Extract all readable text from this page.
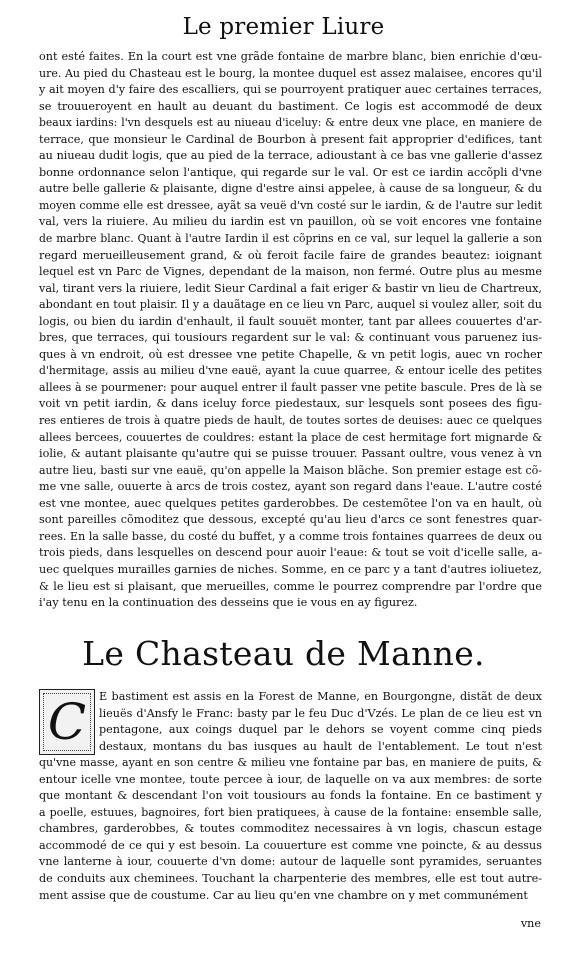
Le premier Liure
ont esté faites. En la court est vne grãde fontaine de marbre blanc, bien enrichie d'œu-
ure. Au pied du Chasteau est le bourg, la montee duquel est assez malaisee, encores qu'il
y ait moyen d'y faire des escalliers, qui se pourroyent pratiquer auec certaines terraces,
se trouueroyent en hault au deuant du bastiment. Ce logis est accommodé de deux
beaux iardins: l'vn desquels est au niueau d'iceluy: & entre deux vne place, en maniere de
terrace, que monsieur le Cardinal de Bourbon à present fait approprier d'edifices, tant
au niueau dudit logis, que au pied de la terrace, adioustant à ce bas vne gallerie d'assez
bonne ordonnance selon l'antique, qui regarde sur le val. Or est ce iardin accõpli d'vne
autre belle gallerie & plaisante, digne d'estre ainsi appelee, à cause de sa longueur, & du
moyen comme elle est dressee, ayãt sa veuë d'vn costé sur le iardin, & de l'autre sur ledit
val, vers la riuiere. Au milieu du iardin est vn pauillon, où se voit encores vne fontaine
de marbre blanc. Quant à l'autre Iardin il est cõprins en ce val, sur lequel la gallerie a son
regard merueilleusement grand, & où feroit facile faire de grandes beautez: ioignant
lequel est vn Parc de Vignes, dependant de la maison, non fermé. Outre plus au mesme
val, tirant vers la riuiere, ledit Sieur Cardinal a fait eriger & bastir vn lieu de Chartreux,
abondant en tout plaisir. Il y a dauãtage en ce lieu vn Parc, auquel si voulez aller, soit du
logis, ou bien du iardin d'enhault, il fault souuët monter, tant par allees couuertes d'ar-
bres, que terraces, qui tousiours regardent sur le val: & continuant vous paruenez ius-
ques à vn endroit, où est dressee vne petite Chapelle, & vn petit logis, auec vn rocher
d'hermitage, assis au milieu d'vne eauë, ayant la cuue quarree, & entour icelle des petites
allees à se pourmener: pour auquel entrer il fault passer vne petite bascule. Pres de là se
voit vn petit iardin, & dans iceluy force piedestaux, sur lesquels sont posees des figu-
res entieres de trois à quatre pieds de hault, de toutes sortes de deuises: auec ce quelques
allees bercees, couuertes de couldres: estant la place de cest hermitage fort mignarde &
iolie, & autant plaisante qu'autre qui se puisse trouuer. Passant oultre, vous venez à vn
autre lieu, basti sur vne eauë, qu'on appelle la Maison blãche. Son premier estage est cõ-
me vne salle, ouuerte à arcs de trois costez, ayant son regard dans l'eaue. L'autre costé
est vne montee, auec quelques petites garderobbes. De cestemõtee l'on va en hault, où
sont pareilles cõmoditez que dessous, excepté qu'au lieu d'arcs ce sont fenestres quar-
rees. En la salle basse, du costé du buffet, y a comme trois fontaines quarrees de deux ou
trois pieds, dans lesquelles on descend pour auoir l'eaue: & tout se voit d'icelle salle, a-
uec quelques murailles garnies de niches. Somme, en ce parc y a tant d'autres ioliuetez,
& le lieu est si plaisant, que merueilles, comme le pourrez comprendre par l'ordre que
i'ay tenu en la continuation des desseins que ie vous en ay figurez.
Le Chasteau de Manne.
C E bastiment est assis en la Forest de Manne, en Bourgongne, distãt de deux
lieuës d'Ansfy le Franc: basty par le feu Duc d'Vzés. Le plan de ce lieu est vn
pentagone, aux coings duquel par le dehors se voyent comme cinq pieds
destaux, montans du bas iusques au hault de l'entablement. Le tout n'est
qu'vne masse, ayant en son centre & milieu vne fontaine par bas, en maniere de puits, &
entour icelle vne montee, toute percee à iour, de laquelle on va aux membres: de sorte
que montant & descendant l'on voit tousiours au fonds la fontaine. En ce bastiment y
a poelle, estuues, bagnoires, fort bien pratiquees, à cause de la fontaine: ensemble salle,
chambres, garderobbes, & toutes commoditez necessaires à vn logis, chascun estage
accommodé de ce qui y est besoin. La couuerture est comme vne poincte, & au dessus
vne lanterne à iour, couuerte d'vn dome: autour de laquelle sont pyramides, seruantes
de conduits aux cheminees. Touchant la charpenterie des membres, elle est tout autre-
ment assise que de coustume. Car au lieu qu'en vne chambre on y met communément
vne
